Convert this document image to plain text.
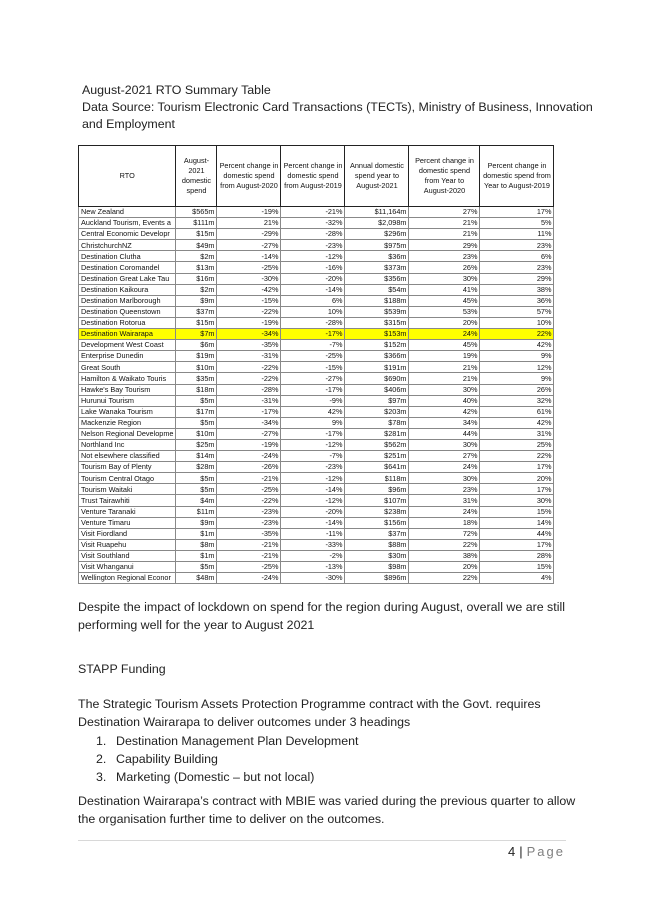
August-2021 RTO Summary Table
Data Source: Tourism Electronic Card Transactions (TECTs), Ministry of Business, Innovation
and Employment
RTO	August-2021 domestic spend	Percent change in domestic spend from August-2020	Percent change in domestic spend from August-2019	Annual domestic spend year to August-2021	Percent change in domestic spend from Year to August-2020	Percent change in domestic spend from Year to August-2019
New Zealand	$565m	-19%	-21%	$11,164m	27%	17%
Auckland Tourism, Events a	$111m	21%	-32%	$2,098m	21%	5%
Central Economic Developr	$15m	-29%	-28%	$296m	21%	11%
ChristchurchNZ	$49m	-27%	-23%	$975m	29%	23%
Destination Clutha	$2m	-14%	-12%	$36m	23%	6%
Destination Coromandel	$13m	-25%	-16%	$373m	26%	23%
Destination Great Lake Tau	$16m	-30%	-20%	$356m	30%	29%
Destination Kaikoura	$2m	-42%	-14%	$54m	41%	38%
Destination Marlborough	$9m	-15%	6%	$188m	45%	36%
Destination Queenstown	$37m	-22%	10%	$539m	53%	57%
Destination Rotorua	$15m	-19%	-28%	$315m	20%	10%
Destination Wairarapa	$7m	-34%	-17%	$153m	24%	22%
Development West Coast	$6m	-35%	-7%	$152m	45%	42%
Enterprise Dunedin	$19m	-31%	-25%	$366m	19%	9%
Great South	$10m	-22%	-15%	$191m	21%	12%
Hamilton & Waikato Touris	$35m	-22%	-27%	$690m	21%	9%
Hawke's Bay Tourism	$18m	-28%	-17%	$406m	30%	26%
Hurunui Tourism	$5m	-31%	-9%	$97m	40%	32%
Lake Wanaka Tourism	$17m	-17%	42%	$203m	42%	61%
Mackenzie Region	$5m	-34%	9%	$78m	34%	42%
Nelson Regional Developme	$10m	-27%	-17%	$281m	44%	31%
Northland Inc	$25m	-19%	-12%	$562m	30%	25%
Not elsewhere classified	$14m	-24%	-7%	$251m	27%	22%
Tourism Bay of Plenty	$28m	-26%	-23%	$641m	24%	17%
Tourism Central Otago	$5m	-21%	-12%	$118m	30%	20%
Tourism Waitaki	$5m	-25%	-14%	$96m	23%	17%
Trust Tairawhiti	$4m	-22%	-12%	$107m	31%	30%
Venture Taranaki	$11m	-23%	-20%	$238m	24%	15%
Venture Timaru	$9m	-23%	-14%	$156m	18%	14%
Visit Fiordland	$1m	-35%	-11%	$37m	72%	44%
Visit Ruapehu	$8m	-21%	-33%	$88m	22%	17%
Visit Southland	$1m	-21%	-2%	$30m	38%	28%
Visit Whanganui	$5m	-25%	-13%	$98m	20%	15%
Wellington Regional Econor	$48m	-24%	-30%	$896m	22%	4%
Despite the impact of lockdown on spend for the region during August, overall we are still performing well for the year to August 2021
STAPP Funding
The Strategic Tourism Assets Protection Programme contract with the Govt. requires Destination Wairarapa to deliver outcomes under 3 headings
1. Destination Management Plan Development
2. Capability Building
3. Marketing (Domestic – but not local)
Destination Wairarapa’s contract with MBIE was varied during the previous quarter to allow the organisation further time to deliver on the outcomes.
4 | Page
